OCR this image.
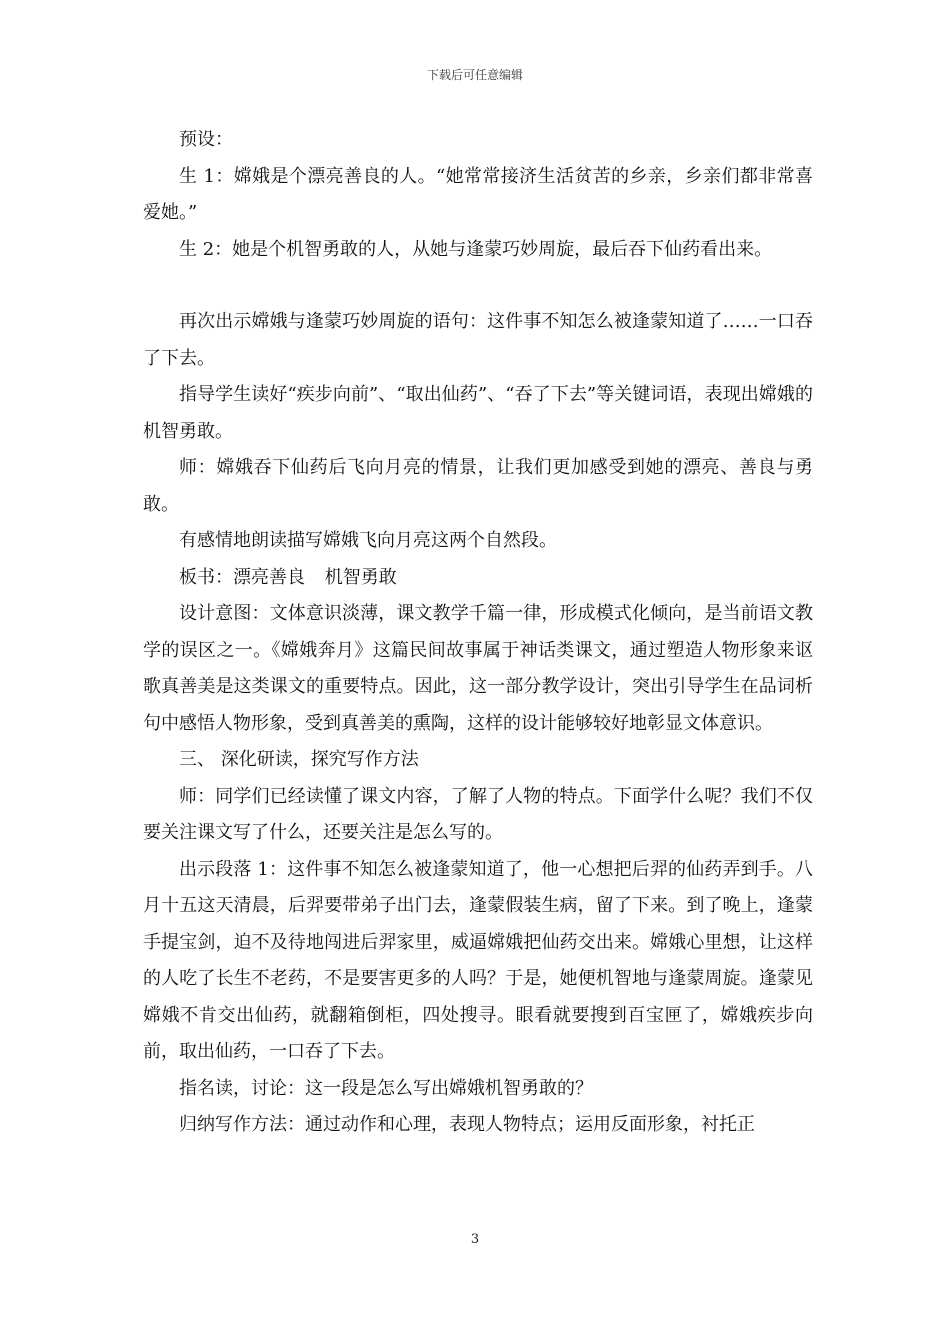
下载后可任意编辑

预设：

生 1：嫦娥是个漂亮善良的人。“她常常接济生活贫苦的乡亲，乡亲们都非常喜爱她。”

生 2：她是个机智勇敢的人，从她与逢蒙巧妙周旋，最后吞下仙药看出来。

再次出示嫦娥与逢蒙巧妙周旋的语句：这件事不知怎么被逢蒙知道了……一口吞了下去。

指导学生读好“疾步向前”、“取出仙药”、“吞了下去”等关键词语，表现出嫦娥的机智勇敢。

师：嫦娥吞下仙药后飞向月亮的情景，让我们更加感受到她的漂亮、善良与勇敢。

有感情地朗读描写嫦娥飞向月亮这两个自然段。

板书：漂亮善良 机智勇敢

设计意图：文体意识淡薄，课文教学千篇一律，形成模式化倾向，是当前语文教学的误区之一。《嫦娥奔月》这篇民间故事属于神话类课文，通过塑造人物形象来讴歌真善美是这类课文的重要特点。因此，这一部分教学设计，突出引导学生在品词析句中感悟人物形象，受到真善美的熏陶，这样的设计能够较好地彰显文体意识。

三、 深化研读，探究写作方法

师：同学们已经读懂了课文内容，了解了人物的特点。下面学什么呢？我们不仅要关注课文写了什么，还要关注是怎么写的。

出示段落 1：这件事不知怎么被逢蒙知道了，他一心想把后羿的仙药弄到手。八月十五这天清晨，后羿要带弟子出门去，逢蒙假装生病，留了下来。到了晚上，逢蒙手提宝剑，迫不及待地闯进后羿家里，威逼嫦娥把仙药交出来。嫦娥心里想，让这样的人吃了长生不老药，不是要害更多的人吗？于是，她便机智地与逢蒙周旋。逢蒙见嫦娥不肯交出仙药，就翻箱倒柜，四处搜寻。眼看就要搜到百宝匣了，嫦娥疾步向前，取出仙药，一口吞了下去。

指名读，讨论：这一段是怎么写出嫦娥机智勇敢的？

归纳写作方法：通过动作和心理，表现人物特点；运用反面形象，衬托正

3
